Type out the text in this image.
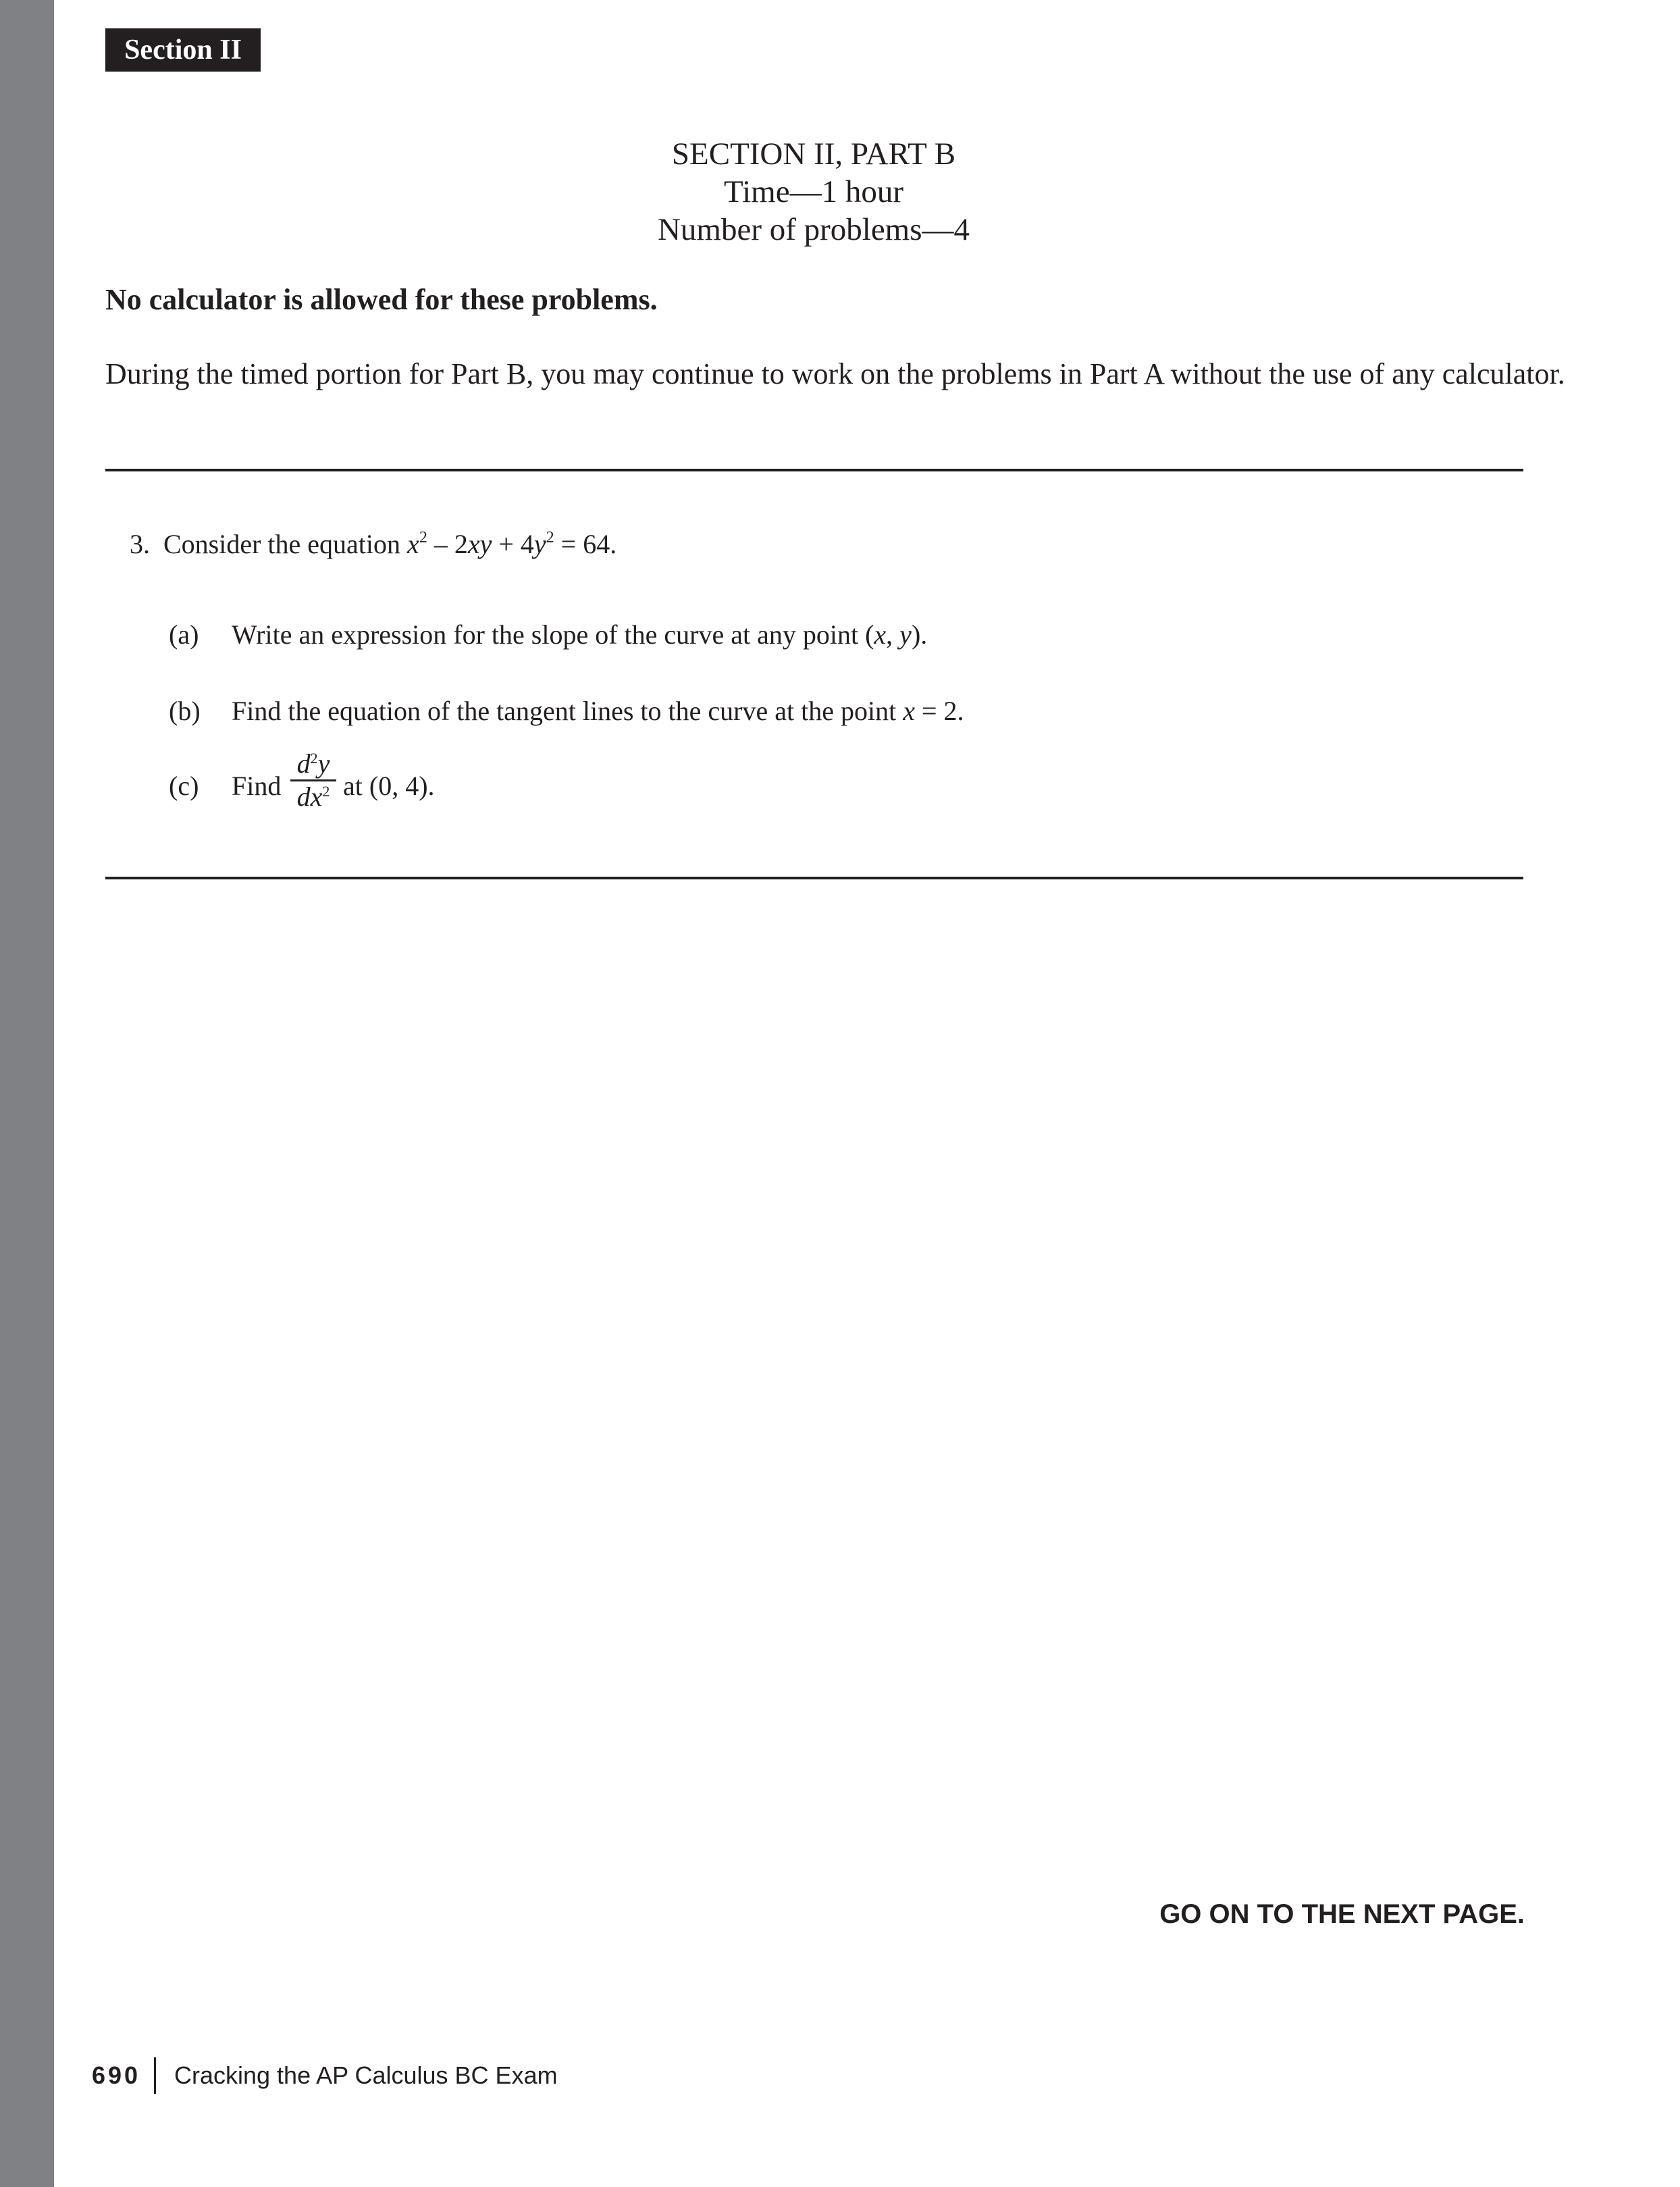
Section II
SECTION II, PART B
Time—1 hour
Number of problems—4
No calculator is allowed for these problems.
During the timed portion for Part B, you may continue to work on the problems in Part A without the use of any calculator.
3. Consider the equation $x^2 - 2xy + 4y^2 = 64$.
(a) Write an expression for the slope of the curve at any point (x, y).
(b) Find the equation of the tangent lines to the curve at the point x = 2.
(c) Find $\frac{d^2y}{dx^2}$ at (0, 4).
GO ON TO THE NEXT PAGE.
690 Cracking the AP Calculus BC Exam
